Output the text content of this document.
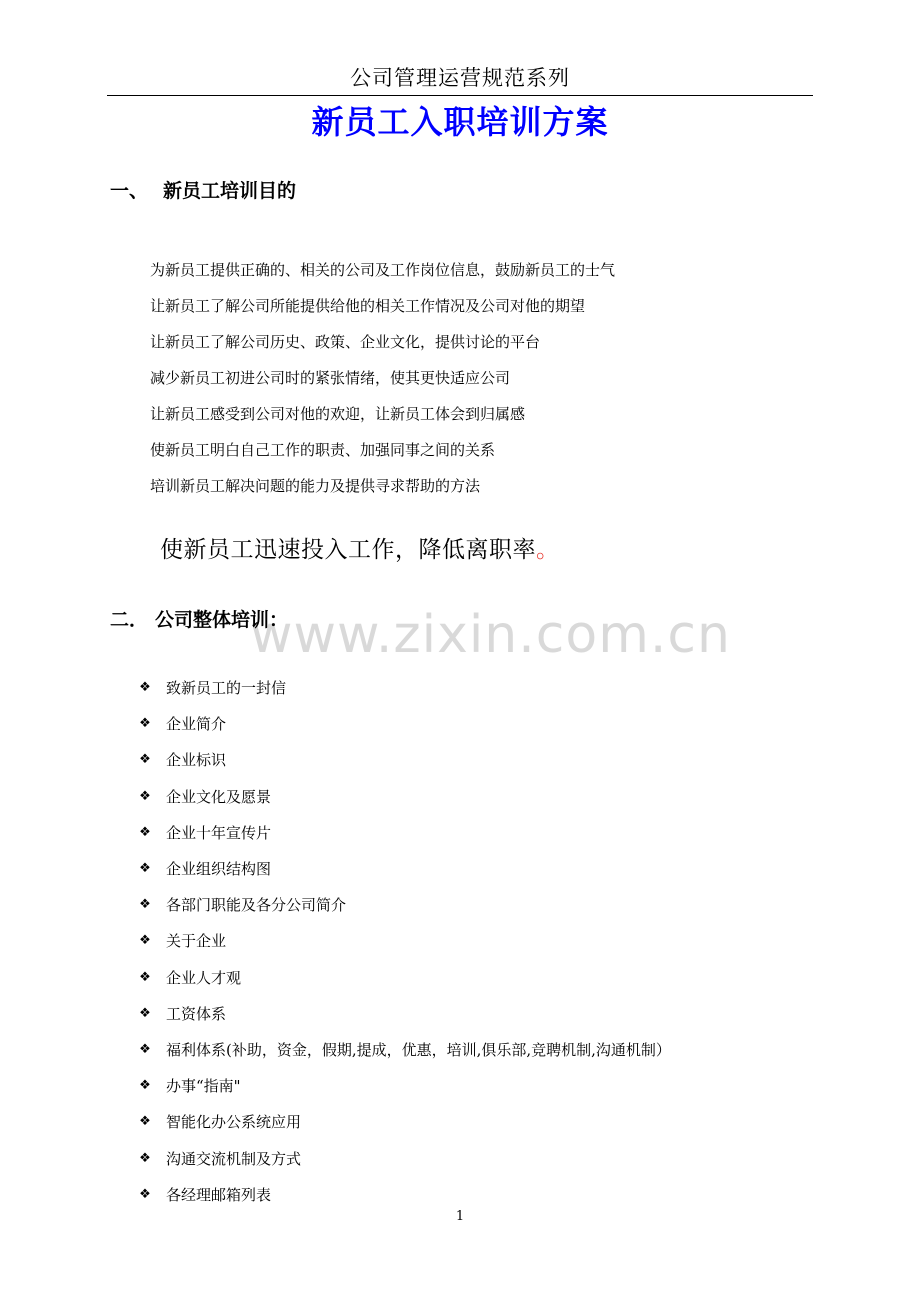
公司管理运营规范系列
新员工入职培训方案
一、 新员工培训目的
为新员工提供正确的、相关的公司及工作岗位信息，鼓励新员工的士气
让新员工了解公司所能提供给他的相关工作情况及公司对他的期望
让新员工了解公司历史、政策、企业文化，提供讨论的平台
减少新员工初进公司时的紧张情绪，使其更快适应公司
让新员工感受到公司对他的欢迎，让新员工体会到归属感
使新员工明白自己工作的职责、加强同事之间的关系
培训新员工解决问题的能力及提供寻求帮助的方法
使新员工迅速投入工作，降低离职率。
www.zixin.com.cn
二． 公司整体培训：
❖ 致新员工的一封信
❖ 企业简介
❖ 企业标识
❖ 企业文化及愿景
❖ 企业十年宣传片
❖ 企业组织结构图
❖ 各部门职能及各分公司简介
❖ 关于企业
❖ 企业人才观
❖ 工资体系
❖ 福利体系(补助，资金，假期,提成，优惠，培训,俱乐部,竞聘机制,沟通机制）
❖ 办事“指南"
❖ 智能化办公系统应用
❖ 沟通交流机制及方式
❖ 各经理邮箱列表
1
